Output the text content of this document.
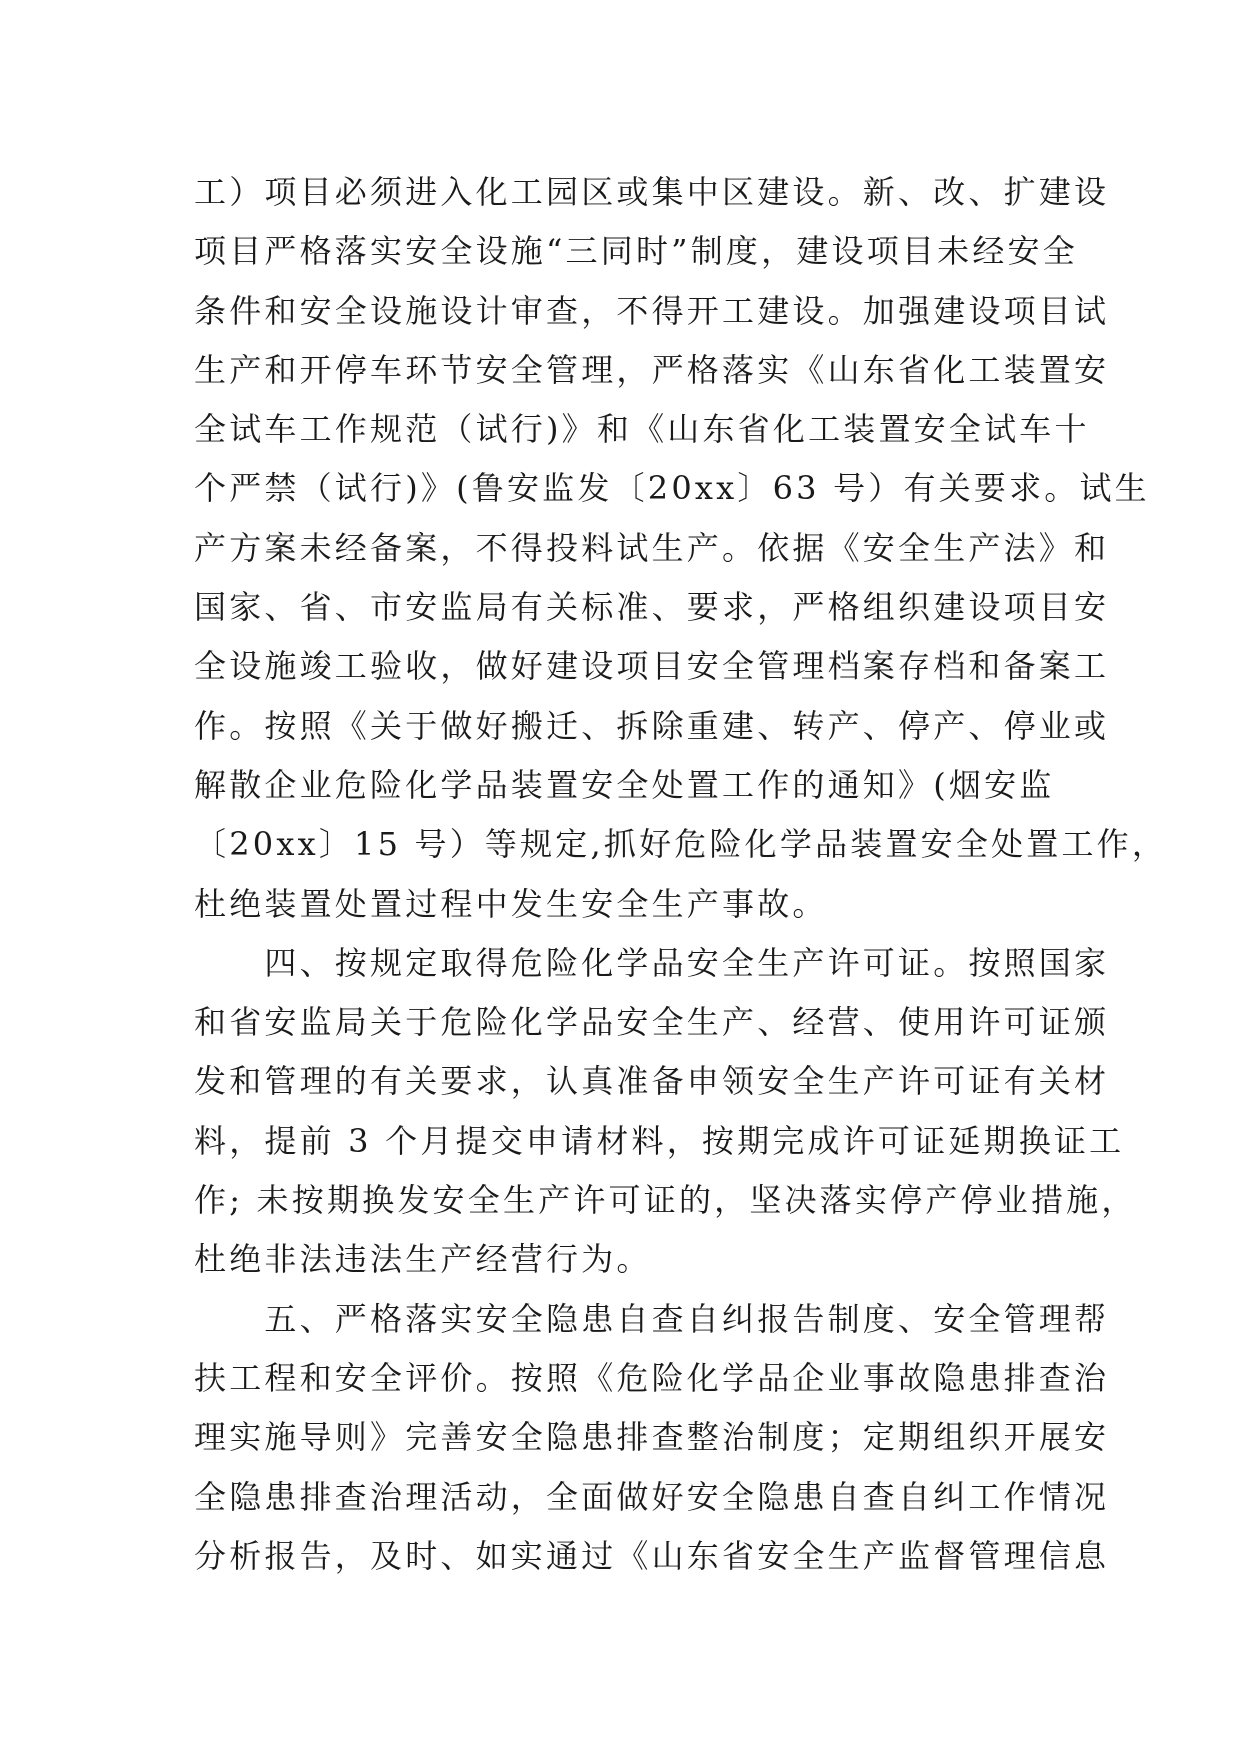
工）项目必须进入化工园区或集中区建设。新、改、扩建设
项目严格落实安全设施“三同时”制度，建设项目未经安全
条件和安全设施设计审查，不得开工建设。加强建设项目试
生产和开停车环节安全管理，严格落实《山东省化工装置安
全试车工作规范（试行)》和《山东省化工装置安全试车十
个严禁（试行)》(鲁安监发〔20xx〕63 号）有关要求。试生
产方案未经备案，不得投料试生产。依据《安全生产法》和
国家、省、市安监局有关标准、要求，严格组织建设项目安
全设施竣工验收，做好建设项目安全管理档案存档和备案工
作。按照《关于做好搬迁、拆除重建、转产、停产、停业或
解散企业危险化学品装置安全处置工作的通知》(烟安监
〔20xx〕15 号）等规定,抓好危险化学品装置安全处置工作，
杜绝装置处置过程中发生安全生产事故。
　　四、按规定取得危险化学品安全生产许可证。按照国家
和省安监局关于危险化学品安全生产、经营、使用许可证颁
发和管理的有关要求，认真准备申领安全生产许可证有关材
料，提前 3 个月提交申请材料，按期完成许可证延期换证工
作; 未按期换发安全生产许可证的，坚决落实停产停业措施，
杜绝非法违法生产经营行为。
　　五、严格落实安全隐患自查自纠报告制度、安全管理帮
扶工程和安全评价。按照《危险化学品企业事故隐患排查治
理实施导则》完善安全隐患排查整治制度；定期组织开展安
全隐患排查治理活动，全面做好安全隐患自查自纠工作情况
分析报告，及时、如实通过《山东省安全生产监督管理信息
